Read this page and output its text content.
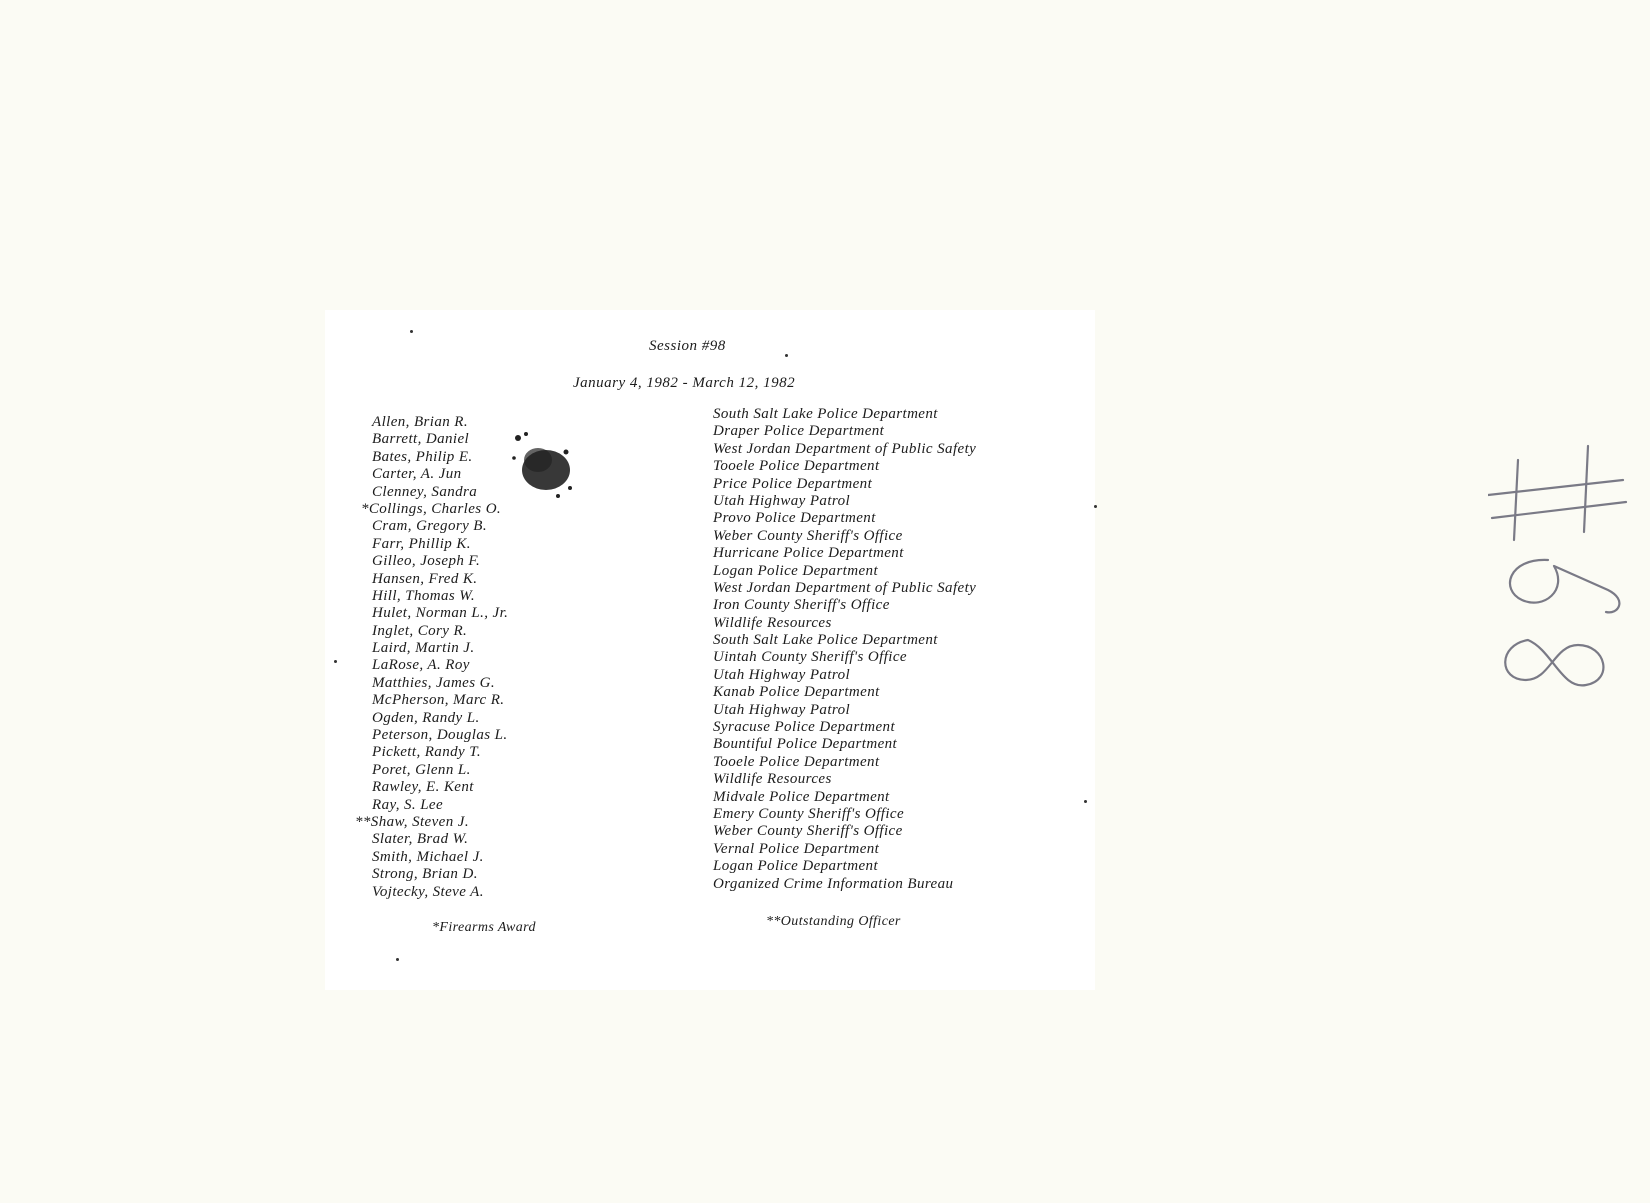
Session #98
January 4, 1982 - March 12, 1982
Allen, Brian R.
Barrett, Daniel
Bates, Philip E.
Carter, A. Jun
Clenney, Sandra
*Collings, Charles O.
Cram, Gregory B.
Farr, Phillip K.
Gilleo, Joseph F.
Hansen, Fred K.
Hill, Thomas W.
Hulet, Norman L., Jr.
Inglet, Cory R.
Laird, Martin J.
LaRose, A. Roy
Matthies, James G.
McPherson, Marc R.
Ogden, Randy L.
Peterson, Douglas L.
Pickett, Randy T.
Poret, Glenn L.
Rawley, E. Kent
Ray, S. Lee
**Shaw, Steven J.
Slater, Brad W.
Smith, Michael J.
Strong, Brian D.
Vojtecky, Steve A.
South Salt Lake Police Department
Draper Police Department
West Jordan Department of Public Safety
Tooele Police Department
Price Police Department
Utah Highway Patrol
Provo Police Department
Weber County Sheriff's Office
Hurricane Police Department
Logan Police Department
West Jordan Department of Public Safety
Iron County Sheriff's Office
Wildlife Resources
South Salt Lake Police Department
Uintah County Sheriff's Office
Utah Highway Patrol
Kanab Police Department
Utah Highway Patrol
Syracuse Police Department
Bountiful Police Department
Tooele Police Department
Wildlife Resources
Midvale Police Department
Emery County Sheriff's Office
Weber County Sheriff's Office
Vernal Police Department
Logan Police Department
Organized Crime Information Bureau
*Firearms Award	**Outstanding Officer
